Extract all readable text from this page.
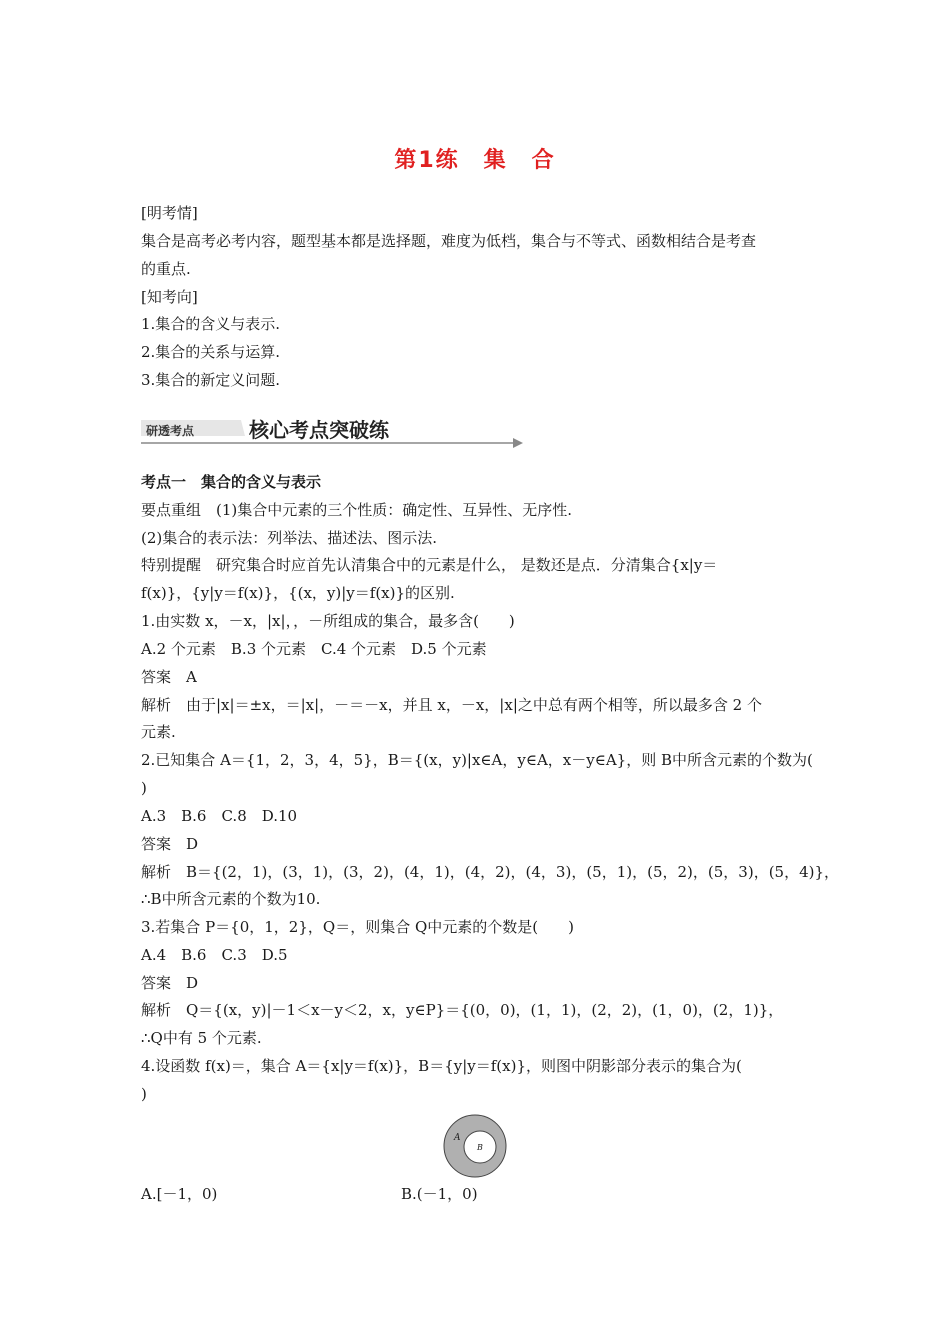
第1练　集　合
[明考情]
集合是高考必考内容，题型基本都是选择题，难度为低档，集合与不等式、函数相结合是考查
的重点.
[知考向]
1.集合的含义与表示.
2.集合的关系与运算.
3.集合的新定义问题.
研透考点	核心考点突破练
考点一　集合的含义与表示
要点重组　(1)集合中元素的三个性质：确定性、互异性、无序性.
(2)集合的表示法：列举法、描述法、图示法.
特别提醒　研究集合时应首先认清集合中的元素是什么， 是数还是点．分清集合{x|y＝
f(x)}，{y|y＝f(x)}，{(x，y)|y＝f(x)}的区别.
1.由实数 x，－x，|x|，，－所组成的集合，最多含(　　)
A.2 个元素　B.3 个元素　C.4 个元素　D.5 个元素
答案　A
解析　由于|x|＝±x，＝|x|，－＝－x，并且 x，－x，|x|之中总有两个相等，所以最多含 2 个
元素.
2.已知集合 A＝{1，2，3，4，5}，B＝{(x，y)|x∈A，y∈A，x－y∈A}，则 B中所含元素的个数为(
)
A.3　B.6　C.8　D.10
答案　D
解析　B＝{(2，1)，(3，1)，(3，2)，(4，1)，(4，2)，(4，3)，(5，1)，(5，2)，(5，3)，(5，4)}，
∴B中所含元素的个数为10.
3.若集合 P＝{0，1，2}，Q＝，则集合 Q中元素的个数是(　　)
A.4　B.6　C.3　D.5
答案　D
解析　Q＝{(x，y)|－1＜x－y＜2，x，y∈P}＝{(0，0)，(1，1)，(2，2)，(1，0)，(2，1)}，
∴Q中有 5 个元素.
4.设函数 f(x)＝，集合 A＝{x|y＝f(x)}，B＝{y|y＝f(x)}，则图中阴影部分表示的集合为(
)
A
B
A.[－1，0)	B.(－1，0)
